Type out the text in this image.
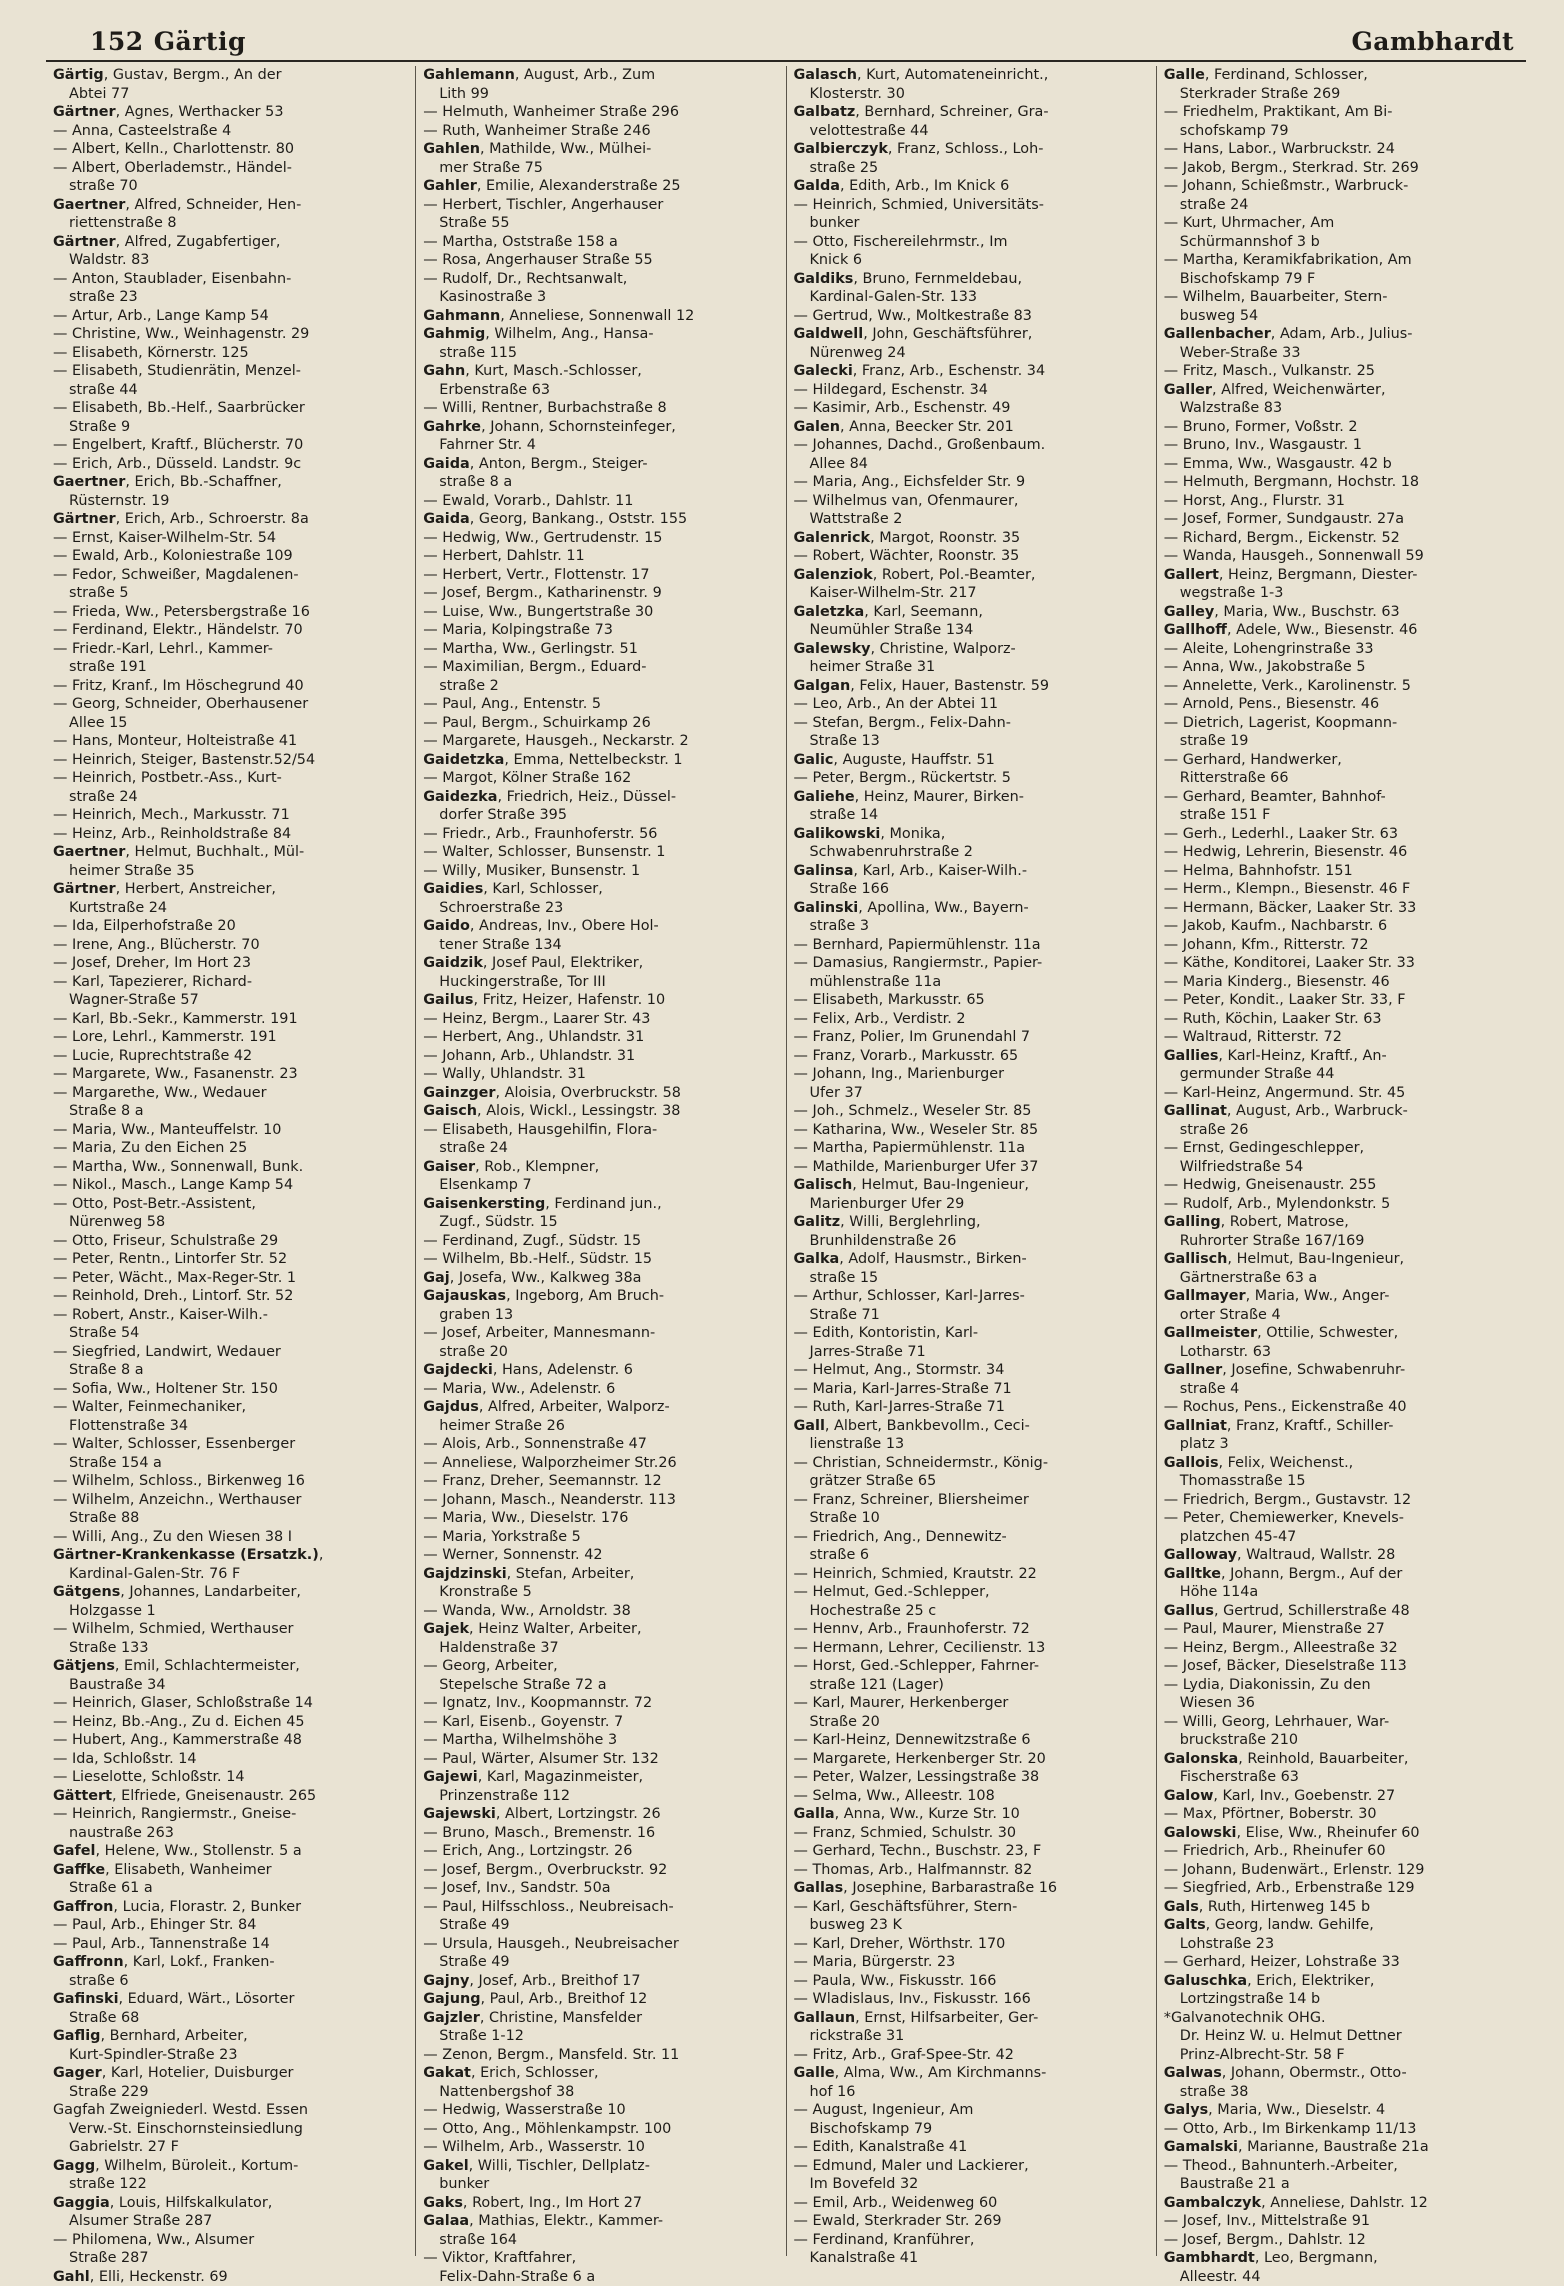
152 Gärtig	Gambhardt

Gärtig, Gustav, Bergm., An der

Abtei 77

Gärtner, Agnes, Werthacker 53

— Anna, Casteelstraße 4

— Albert, Kelln., Charlottenstr. 80

— Albert, Oberlademstr., Händel-

straße 70

Gaertner, Alfred, Schneider, Hen-

riettenstraße 8

Gärtner, Alfred, Zugabfertiger,

Waldstr. 83

— Anton, Staublader, Eisenbahn-

straße 23

— Artur, Arb., Lange Kamp 54

— Christine, Ww., Weinhagenstr. 29

— Elisabeth, Körnerstr. 125

— Elisabeth, Studienrätin, Menzel-

straße 44

— Elisabeth, Bb.-Helf., Saarbrücker

Straße 9

— Engelbert, Kraftf., Blücherstr. 70

— Erich, Arb., Düsseld. Landstr. 9c

Gaertner, Erich, Bb.-Schaffner,

Rüsternstr. 19

Gärtner, Erich, Arb., Schroerstr. 8a

— Ernst, Kaiser-Wilhelm-Str. 54

— Ewald, Arb., Koloniestraße 109

— Fedor, Schweißer, Magdalenen-

straße 5

— Frieda, Ww., Petersbergstraße 16

— Ferdinand, Elektr., Händelstr. 70

— Friedr.-Karl, Lehrl., Kammer-

straße 191

— Fritz, Kranf., Im Höschegrund 40

— Georg, Schneider, Oberhausener

Allee 15

— Hans, Monteur, Holteistraße 41

— Heinrich, Steiger, Bastenstr.52/54

— Heinrich, Postbetr.-Ass., Kurt-

straße 24

— Heinrich, Mech., Markusstr. 71

— Heinz, Arb., Reinholdstraße 84

Gaertner, Helmut, Buchhalt., Mül-

heimer Straße 35

Gärtner, Herbert, Anstreicher,

Kurtstraße 24

— Ida, Eilperhofstraße 20

— Irene, Ang., Blücherstr. 70

— Josef, Dreher, Im Hort 23

— Karl, Tapezierer, Richard-

Wagner-Straße 57

— Karl, Bb.-Sekr., Kammerstr. 191

— Lore, Lehrl., Kammerstr. 191

— Lucie, Ruprechtstraße 42

— Margarete, Ww., Fasanenstr. 23

— Margarethe, Ww., Wedauer

Straße 8 a

— Maria, Ww., Manteuffelstr. 10

— Maria, Zu den Eichen 25

— Martha, Ww., Sonnenwall, Bunk.

— Nikol., Masch., Lange Kamp 54

— Otto, Post-Betr.-Assistent,

Nürenweg 58

— Otto, Friseur, Schulstraße 29

— Peter, Rentn., Lintorfer Str. 52

— Peter, Wächt., Max-Reger-Str. 1

— Reinhold, Dreh., Lintorf. Str. 52

— Robert, Anstr., Kaiser-Wilh.-

Straße 54

— Siegfried, Landwirt, Wedauer

Straße 8 a

— Sofia, Ww., Holtener Str. 150

— Walter, Feinmechaniker,

Flottenstraße 34

— Walter, Schlosser, Essenberger

Straße 154 a

— Wilhelm, Schloss., Birkenweg 16

— Wilhelm, Anzeichn., Werthauser

Straße 88

— Willi, Ang., Zu den Wiesen 38 I

Gärtner-Krankenkasse (Ersatzk.),

Kardinal-Galen-Str. 76 F

Gätgens, Johannes, Landarbeiter,

Holzgasse 1

— Wilhelm, Schmied, Werthauser

Straße 133

Gätjens, Emil, Schlachtermeister,

Baustraße 34

— Heinrich, Glaser, Schloßstraße 14

— Heinz, Bb.-Ang., Zu d. Eichen 45

— Hubert, Ang., Kammerstraße 48

— Ida, Schloßstr. 14

— Lieselotte, Schloßstr. 14

Gättert, Elfriede, Gneisenaustr. 265

— Heinrich, Rangiermstr., Gneise-

naustraße 263

Gafel, Helene, Ww., Stollenstr. 5 a

Gaffke, Elisabeth, Wanheimer

Straße 61 a

Gaffron, Lucia, Florastr. 2, Bunker

— Paul, Arb., Ehinger Str. 84

— Paul, Arb., Tannenstraße 14

Gaffronn, Karl, Lokf., Franken-

straße 6

Gafinski, Eduard, Wärt., Lösorter

Straße 68

Gaflig, Bernhard, Arbeiter,

Kurt-Spindler-Straße 23

Gager, Karl, Hotelier, Duisburger

Straße 229

Gagfah Zweigniederl. Westd. Essen

Verw.-St. Einschornsteinsiedlung

Gabrielstr. 27 F

Gagg, Wilhelm, Büroleit., Kortum-

straße 122

Gaggia, Louis, Hilfskalkulator,

Alsumer Straße 287

— Philomena, Ww., Alsumer

Straße 287

Gahl, Elli, Heckenstr. 69

Gahlemann, August, Arb., Zum

Lith 99

— Helmuth, Wanheimer Straße 296

— Ruth, Wanheimer Straße 246

Gahlen, Mathilde, Ww., Mülhei-

mer Straße 75

Gahler, Emilie, Alexanderstraße 25

— Herbert, Tischler, Angerhauser

Straße 55

— Martha, Oststraße 158 a

— Rosa, Angerhauser Straße 55

— Rudolf, Dr., Rechtsanwalt,

Kasinostraße 3

Gahmann, Anneliese, Sonnenwall 12

Gahmig, Wilhelm, Ang., Hansa-

straße 115

Gahn, Kurt, Masch.-Schlosser,

Erbenstraße 63

— Willi, Rentner, Burbachstraße 8

Gahrke, Johann, Schornsteinfeger,

Fahrner Str. 4

Gaida, Anton, Bergm., Steiger-

straße 8 a

— Ewald, Vorarb., Dahlstr. 11

Gaida, Georg, Bankang., Oststr. 155

— Hedwig, Ww., Gertrudenstr. 15

— Herbert, Dahlstr. 11

— Herbert, Vertr., Flottenstr. 17

— Josef, Bergm., Katharinenstr. 9

— Luise, Ww., Bungertstraße 30

— Maria, Kolpingstraße 73

— Martha, Ww., Gerlingstr. 51

— Maximilian, Bergm., Eduard-

straße 2

— Paul, Ang., Entenstr. 5

— Paul, Bergm., Schuirkamp 26

— Margarete, Hausgeh., Neckarstr. 2

Gaidetzka, Emma, Nettelbeckstr. 1

— Margot, Kölner Straße 162

Gaidezka, Friedrich, Heiz., Düssel-

dorfer Straße 395

— Friedr., Arb., Fraunhoferstr. 56

— Walter, Schlosser, Bunsenstr. 1

— Willy, Musiker, Bunsenstr. 1

Gaidies, Karl, Schlosser,

Schroerstraße 23

Gaido, Andreas, Inv., Obere Hol-

tener Straße 134

Gaidzik, Josef Paul, Elektriker,

Huckingerstraße, Tor III

Gailus, Fritz, Heizer, Hafenstr. 10

— Heinz, Bergm., Laarer Str. 43

— Herbert, Ang., Uhlandstr. 31

— Johann, Arb., Uhlandstr. 31

— Wally, Uhlandstr. 31

Gainzger, Aloisia, Overbruckstr. 58

Gaisch, Alois, Wickl., Lessingstr. 38

— Elisabeth, Hausgehilfin, Flora-

straße 24

Gaiser, Rob., Klempner,

Elsenkamp 7

Gaisenkersting, Ferdinand jun.,

Zugf., Südstr. 15

— Ferdinand, Zugf., Südstr. 15

— Wilhelm, Bb.-Helf., Südstr. 15

Gaj, Josefa, Ww., Kalkweg 38a

Gajauskas, Ingeborg, Am Bruch-

graben 13

— Josef, Arbeiter, Mannesmann-

straße 20

Gajdecki, Hans, Adelenstr. 6

— Maria, Ww., Adelenstr. 6

Gajdus, Alfred, Arbeiter, Walporz-

heimer Straße 26

— Alois, Arb., Sonnenstraße 47

— Anneliese, Walporzheimer Str.26

— Franz, Dreher, Seemannstr. 12

— Johann, Masch., Neanderstr. 113

— Maria, Ww., Dieselstr. 176

— Maria, Yorkstraße 5

— Werner, Sonnenstr. 42

Gajdzinski, Stefan, Arbeiter,

Kronstraße 5

— Wanda, Ww., Arnoldstr. 38

Gajek, Heinz Walter, Arbeiter,

Haldenstraße 37

— Georg, Arbeiter,

Stepelsche Straße 72 a

— Ignatz, Inv., Koopmannstr. 72

— Karl, Eisenb., Goyenstr. 7

— Martha, Wilhelmshöhe 3

— Paul, Wärter, Alsumer Str. 132

Gajewi, Karl, Magazinmeister,

Prinzenstraße 112

Gajewski, Albert, Lortzingstr. 26

— Bruno, Masch., Bremenstr. 16

— Erich, Ang., Lortzingstr. 26

— Josef, Bergm., Overbruckstr. 92

— Josef, Inv., Sandstr. 50a

— Paul, Hilfsschloss., Neubreisach-

Straße 49

— Ursula, Hausgeh., Neubreisacher

Straße 49

Gajny, Josef, Arb., Breithof 17

Gajung, Paul, Arb., Breithof 12

Gajzler, Christine, Mansfelder

Straße 1-12

— Zenon, Bergm., Mansfeld. Str. 11

Gakat, Erich, Schlosser,

Nattenbergshof 38

— Hedwig, Wasserstraße 10

— Otto, Ang., Möhlenkampstr. 100

— Wilhelm, Arb., Wasserstr. 10

Gakel, Willi, Tischler, Dellplatz-

bunker

Gaks, Robert, Ing., Im Hort 27

Galaa, Mathias, Elektr., Kammer-

straße 164

— Viktor, Kraftfahrer,

Felix-Dahn-Straße 6 a

Galasch, Kurt, Automateneinricht.,

Klosterstr. 30

Galbatz, Bernhard, Schreiner, Gra-

velottestraße 44

Galbierczyk, Franz, Schloss., Loh-

straße 25

Galda, Edith, Arb., Im Knick 6

— Heinrich, Schmied, Universitäts-

bunker

— Otto, Fischereilehrmstr., Im

Knick 6

Galdiks, Bruno, Fernmeldebau,

Kardinal-Galen-Str. 133

— Gertrud, Ww., Moltkestraße 83

Galdwell, John, Geschäftsführer,

Nürenweg 24

Galecki, Franz, Arb., Eschenstr. 34

— Hildegard, Eschenstr. 34

— Kasimir, Arb., Eschenstr. 49

Galen, Anna, Beecker Str. 201

— Johannes, Dachd., Großenbaum.

Allee 84

— Maria, Ang., Eichsfelder Str. 9

— Wilhelmus van, Ofenmaurer,

Wattstraße 2

Galenrick, Margot, Roonstr. 35

— Robert, Wächter, Roonstr. 35

Galenziok, Robert, Pol.-Beamter,

Kaiser-Wilhelm-Str. 217

Galetzka, Karl, Seemann,

Neumühler Straße 134

Galewsky, Christine, Walporz-

heimer Straße 31

Galgan, Felix, Hauer, Bastenstr. 59

— Leo, Arb., An der Abtei 11

— Stefan, Bergm., Felix-Dahn-

Straße 13

Galic, Auguste, Hauffstr. 51

— Peter, Bergm., Rückertstr. 5

Galiehe, Heinz, Maurer, Birken-

straße 14

Galikowski, Monika,

Schwabenruhrstraße 2

Galinsa, Karl, Arb., Kaiser-Wilh.-

Straße 166

Galinski, Apollina, Ww., Bayern-

straße 3

— Bernhard, Papiermühlenstr. 11a

— Damasius, Rangiermstr., Papier-

mühlenstraße 11a

— Elisabeth, Markusstr. 65

— Felix, Arb., Verdistr. 2

— Franz, Polier, Im Grunendahl 7

— Franz, Vorarb., Markusstr. 65

— Johann, Ing., Marienburger

Ufer 37

— Joh., Schmelz., Weseler Str. 85

— Katharina, Ww., Weseler Str. 85

— Martha, Papiermühlenstr. 11a

— Mathilde, Marienburger Ufer 37

Galisch, Helmut, Bau-Ingenieur,

Marienburger Ufer 29

Galitz, Willi, Berglehrling,

Brunhildenstraße 26

Galka, Adolf, Hausmstr., Birken-

straße 15

— Arthur, Schlosser, Karl-Jarres-

Straße 71

— Edith, Kontoristin, Karl-

Jarres-Straße 71

— Helmut, Ang., Stormstr. 34

— Maria, Karl-Jarres-Straße 71

— Ruth, Karl-Jarres-Straße 71

Gall, Albert, Bankbevollm., Ceci-

lienstraße 13

— Christian, Schneidermstr., König-

grätzer Straße 65

— Franz, Schreiner, Bliersheimer

Straße 10

— Friedrich, Ang., Dennewitz-

straße 6

— Heinrich, Schmied, Krautstr. 22

— Helmut, Ged.-Schlepper,

Hochestraße 25 c

— Hennv, Arb., Fraunhoferstr. 72

— Hermann, Lehrer, Cecilienstr. 13

— Horst, Ged.-Schlepper, Fahrner-

straße 121 (Lager)

— Karl, Maurer, Herkenberger

Straße 20

— Karl-Heinz, Dennewitzstraße 6

— Margarete, Herkenberger Str. 20

— Peter, Walzer, Lessingstraße 38

— Selma, Ww., Alleestr. 108

Galla, Anna, Ww., Kurze Str. 10

— Franz, Schmied, Schulstr. 30

— Gerhard, Techn., Buschstr. 23, F

— Thomas, Arb., Halfmannstr. 82

Gallas, Josephine, Barbarastraße 16

— Karl, Geschäftsführer, Stern-

busweg 23 K

— Karl, Dreher, Wörthstr. 170

— Maria, Bürgerstr. 23

— Paula, Ww., Fiskusstr. 166

— Wladislaus, Inv., Fiskusstr. 166

Gallaun, Ernst, Hilfsarbeiter, Ger-

rickstraße 31

— Fritz, Arb., Graf-Spee-Str. 42

Galle, Alma, Ww., Am Kirchmanns-

hof 16

— August, Ingenieur, Am

Bischofskamp 79

— Edith, Kanalstraße 41

— Edmund, Maler und Lackierer,

Im Bovefeld 32

— Emil, Arb., Weidenweg 60

— Ewald, Sterkrader Str. 269

— Ferdinand, Kranführer,

Kanalstraße 41

Galle, Ferdinand, Schlosser,

Sterkrader Straße 269

— Friedhelm, Praktikant, Am Bi-

schofskamp 79

— Hans, Labor., Warbruckstr. 24

— Jakob, Bergm., Sterkrad. Str. 269

— Johann, Schießmstr., Warbruck-

straße 24

— Kurt, Uhrmacher, Am

Schürmannshof 3 b

— Martha, Keramikfabrikation, Am

Bischofskamp 79 F

— Wilhelm, Bauarbeiter, Stern-

busweg 54

Gallenbacher, Adam, Arb., Julius-

Weber-Straße 33

— Fritz, Masch., Vulkanstr. 25

Galler, Alfred, Weichenwärter,

Walzstraße 83

— Bruno, Former, Voßstr. 2

— Bruno, Inv., Wasgaustr. 1

— Emma, Ww., Wasgaustr. 42 b

— Helmuth, Bergmann, Hochstr. 18

— Horst, Ang., Flurstr. 31

— Josef, Former, Sundgaustr. 27a

— Richard, Bergm., Eickenstr. 52

— Wanda, Hausgeh., Sonnenwall 59

Gallert, Heinz, Bergmann, Diester-

wegstraße 1-3

Galley, Maria, Ww., Buschstr. 63

Gallhoff, Adele, Ww., Biesenstr. 46

— Aleite, Lohengrinstraße 33

— Anna, Ww., Jakobstraße 5

— Annelette, Verk., Karolinenstr. 5

— Arnold, Pens., Biesenstr. 46

— Dietrich, Lagerist, Koopmann-

straße 19

— Gerhard, Handwerker,

Ritterstraße 66

— Gerhard, Beamter, Bahnhof-

straße 151 F

— Gerh., Lederhl., Laaker Str. 63

— Hedwig, Lehrerin, Biesenstr. 46

— Helma, Bahnhofstr. 151

— Herm., Klempn., Biesenstr. 46 F

— Hermann, Bäcker, Laaker Str. 33

— Jakob, Kaufm., Nachbarstr. 6

— Johann, Kfm., Ritterstr. 72

— Käthe, Konditorei, Laaker Str. 33

— Maria Kinderg., Biesenstr. 46

— Peter, Kondit., Laaker Str. 33, F

— Ruth, Köchin, Laaker Str. 63

— Waltraud, Ritterstr. 72

Gallies, Karl-Heinz, Kraftf., An-

germunder Straße 44

— Karl-Heinz, Angermund. Str. 45

Gallinat, August, Arb., Warbruck-

straße 26

— Ernst, Gedingeschlepper,

Wilfriedstraße 54

— Hedwig, Gneisenaustr. 255

— Rudolf, Arb., Mylendonkstr. 5

Galling, Robert, Matrose,

Ruhrorter Straße 167/169

Gallisch, Helmut, Bau-Ingenieur,

Gärtnerstraße 63 a

Gallmayer, Maria, Ww., Anger-

orter Straße 4

Gallmeister, Ottilie, Schwester,

Lotharstr. 63

Gallner, Josefine, Schwabenruhr-

straße 4

— Rochus, Pens., Eickenstraße 40

Gallniat, Franz, Kraftf., Schiller-

platz 3

Gallois, Felix, Weichenst.,

Thomasstraße 15

— Friedrich, Bergm., Gustavstr. 12

— Peter, Chemiewerker, Knevels-

platzchen 45-47

Galloway, Waltraud, Wallstr. 28

Galltke, Johann, Bergm., Auf der

Höhe 114a

Gallus, Gertrud, Schillerstraße 48

— Paul, Maurer, Mienstraße 27

— Heinz, Bergm., Alleestraße 32

— Josef, Bäcker, Dieselstraße 113

— Lydia, Diakonissin, Zu den

Wiesen 36

— Willi, Georg, Lehrhauer, War-

bruckstraße 210

Galonska, Reinhold, Bauarbeiter,

Fischerstraße 63

Galow, Karl, Inv., Goebenstr. 27

— Max, Pförtner, Boberstr. 30

Galowski, Elise, Ww., Rheinufer 60

— Friedrich, Arb., Rheinufer 60

— Johann, Budenwärt., Erlenstr. 129

— Siegfried, Arb., Erbenstraße 129

Gals, Ruth, Hirtenweg 145 b

Galts, Georg, landw. Gehilfe,

Lohstraße 23

— Gerhard, Heizer, Lohstraße 33

Galuschka, Erich, Elektriker,

Lortzingstraße 14 b

*Galvanotechnik OHG.

Dr. Heinz W. u. Helmut Dettner

Prinz-Albrecht-Str. 58 F

Galwas, Johann, Obermstr., Otto-

straße 38

Galys, Maria, Ww., Dieselstr. 4

— Otto, Arb., Im Birkenkamp 11/13

Gamalski, Marianne, Baustraße 21a

— Theod., Bahnunterh.-Arbeiter,

Baustraße 21 a

Gambalczyk, Anneliese, Dahlstr. 12

— Josef, Inv., Mittelstraße 91

— Josef, Bergm., Dahlstr. 12

Gambhardt, Leo, Bergmann,

Alleestr. 44
